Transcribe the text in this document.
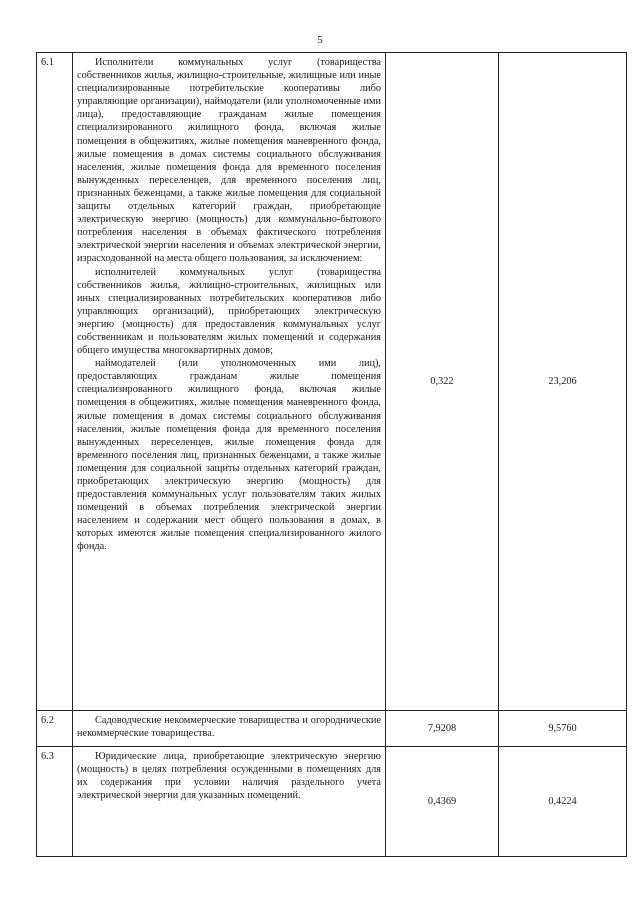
5
6.1	Исполнители коммунальных услуг (товарищества собственников жилья, жилищно-строительные, жилищные или иные специализированные потребительские кооперативы либо управляющие организации), наймодатели (или уполномоченные ими лица), предоставляющие гражданам жилые помещения специализированного жилищного фонда, включая жилые помещения в общежитиях, жилые помещения маневренного фонда, жилые помещения в домах системы социального обслуживания населения, жилые помещения фонда для временного поселения вынужденных переселенцев, для временного поселения лиц, признанных беженцами, а также жилые помещения для социальной защиты отдельных категорий граждан, приобретающие электрическую энергию (мощность) для коммунально-бытового потребления населения в объемах фактического потребления электрической энергии населения и объемах электрической энергии, израсходованной на места общего пользования, за исключением:

исполнителей коммунальных услуг (товарищества собственников жилья, жилищно-строительных, жилищных или иных специализированных потребительских кооперативов либо управляющих организаций), приобретающих электрическую энергию (мощность) для предоставления коммунальных услуг собственникам и пользователям жилых помещений и содержания общего имущества многоквартирных домов;

наймодателей (или уполномоченных ими лиц), предоставляющих гражданам жилые помещения специализированного жилищного фонда, включая жилые помещения в общежитиях, жилые помещения маневренного фонда, жилые помещения в домах системы социального обслуживания населения, жилые помещения фонда для временного поселения вынужденных переселенцев, жилые помещения фонда для временного поселения лиц, признанных беженцами, а также жилые помещения для социальной защиты отдельных категорий граждан, приобретающих электрическую энергию (мощность) для предоставления коммунальных услуг пользователям таких жилых помещений в объемах потребления электрической энергии населением и содержания мест общего пользования в домах, в которых имеются жилые помещения специализированного жилого фонда.	0,322	23,206
6.2	Садоводческие некоммерческие товарищества и огороднические некоммерческие товарищества.	7,9208	9,5760
6.3	Юридические лица, приобретающие электрическую энергию (мощность) в целях потребления осужденными в помещениях для их содержания при условии наличия раздельного учета электрической энергии для указанных помещений.	0,4369	0,4224
